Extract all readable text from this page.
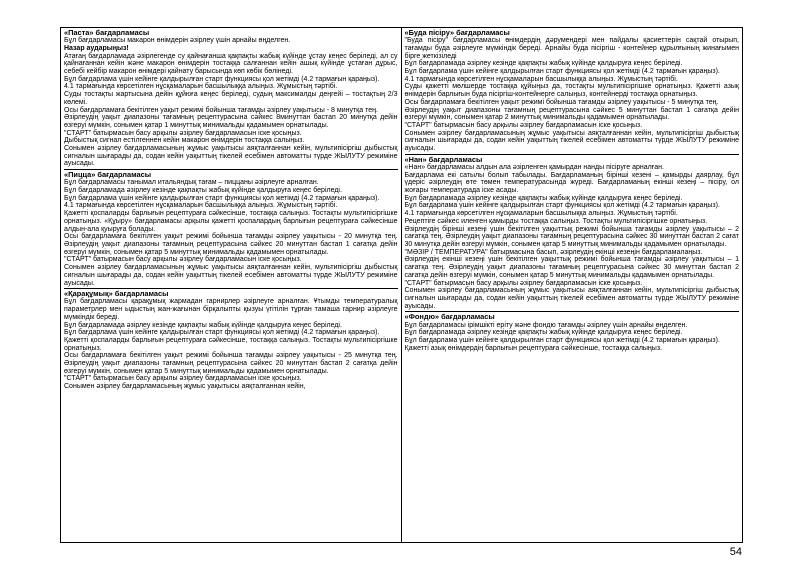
«Паста» бағдарламасы

Бұл бағдарламасы макарон өнімдерін әзірлеу үшін арнайы өңделген.

Назар аударыңыз!

Атағаң бағдарламада әзірлегенде су қайнағанша қақпақты жабық күйінде ұстау кеңес беріледі, ал су қайнағаннан кейін және макарон өнімдерін тостаққа салғаннан кейін ашық күйінде ұстаған дұрыс, себебі кейбір макарон өнімдері қайнату барысында көп көбік бөлінеді.

Бұл бағдарлама үшін кейінге қалдырылған старт функциясы қол жетімді (4.2 тармағын қараңыз).

4.1 тармағында көрсетілген нұсқамаларын басшылыққа алыңыз. Жұмыстың тәртібі.

Суды тостақты жартысына дейін құйюға кеңес беріледі, судың максималды деңгейі – тостақтың 2/3 көлемі.

Осы бағдарламаға бекітілген уақыт режимі бойынша тағамды әзірлеу уақытысы - 8 минутқа тең.

Әзірлеудің уақыт диапазоны тағамның рецептурасына сәйкес 8минуттан бастап 20 минутқа дейін өзгеруі мүмкін, сонымен қатар 1 минуттық минимальды қадамымен орнатылады.

"СТАРТ" батырмасын басу арқылы әзірлеу бағдарламасын іске қосыңыз.

Дыбыстық сигнал естілгеннен кейін макарон өнімдерін тостаққа салыңыз.

Сонымен әзірлеу бағдарламасының жұмыс уақытысы аяқталғаннан кейін, мультипісіргіш дыбыстық сигналын шығарады да, содан кейін уақыттың тікелей есебімен автоматты түрде ЖЫЛУТУ режиміне ауысады.

«Пицца» бағдарламасы

Бұл бағдарламасы танымал итальяндық тағам – пиццаны әзірлеуге арналған.

Бұл бағдарламада әзірлеу кезінде қақпақты жабық күйінде қалдыруға кеңес беріледі.

Бұл бағдарлама үшін кейінге қалдырылған старт функциясы қол жетімді (4.2 тармағын қараңыз).

4.1 тармағында көрсетілген нұсқамаларын басшылыққа алыңыз. Жұмыстың тәртібі.

Қажетті қоспаларды барлығын рецептураға сәйкесінше, тостаққа салыңыз. Тостақты мультипісіргішке орнатыңыз. «Құыру» бағдарламасы арқылы қажетті қоспалардың барлығын рецептураға сәйкесінше алдын-ала қуыруға болады.

Осы бағдарламаға бекітілген уақыт режимі бойынша тағамды әзірлеу уақытысы - 20 минутқа тең. Әзірлеудің уақыт диапазоны тағамның рецептурасына сәйкес 20 минуттан бастап 1 сағатқа дейін өзгеруі мүмкін, сонымен қатар 5 минуттық минимальды қадамымен орнатылады.

"СТАРТ" батырмасын басу арқылы әзірлеу бағдарламасын іске қосыңыз.

Сонымен әзірлеу бағдарламасының жұмыс уақытысы аяқталғаннан кейін, мультипісіргіш дыбыстық сигналын шығарады да, содан кейін уақыттың тікелей есебімен автоматты түрде ЖЫЛУТУ режиміне ауысады.

«Қарақұмық» бағдарламасы

Бұл бағдарламасы қарақұмық жармадан гарнирлер әзірлеуге арналған. Ұтымды температуралық параметрлер мен ыдыстың жан-жағынан бірқалыпты қызуы үгітілін тұрған тамаша гарнир әзірлеуге мүмкіндік береді.

Бұл бағдарламада әзірлеу кезінде қақпақты жабық күйінде қалдыруға кеңес беріледі.

Бұл бағдарлама үшін кейінге қалдырылған старт функциясы қол жетімді (4.2 тармағын қараңыз).

Қажетті қоспаларды барлығын рецептураға сәйкесінше, тостаққа салыңыз. Тостақты мультипісіргішке орнатыңыз.

Осы бағдарламаға бекітілген уақыт режимі бойынша тағамды әзірлеу уақытысы - 25 минутқа тең. Әзірлеудің уақыт диапазоны тағамның рецептурасына сәйкес 20 минуттан бастап 2 сағатқа дейін өзгеруі мүмкін, сонымен қатар 5 минуттық минимальды қадамымен орнатылады.

"СТАРТ" батырмасын басу арқылы әзірлеу бағдарламасын іске қосыңыз.

Сонымен әзірлеу бағдарламасының жұмыс уақытысы аяқталғаннан кейін,

«Буда пісіру» бағдарламасы

"Буда пісіру" бағдарламасы өнімдердің дәрумендері мен пайдалы қасиеттерін сақтай отырып, тағамды буда әзірлеуге мүмкіндік береді. Арнайы буда пісіргіш - контейнер құрылғының жинағымен бірге жеткізіледі

Бұл бағдарламада әзірлеу кезінде қақпақты жабық күйінде қалдыруға кеңес беріледі.

Бұл бағдарлама үшін кейінге қалдырылған старт функциясы қол жетімді (4.2 тармағын қараңыз).

4.1 тармағында көрсетілген нұсқамаларын басшылыққа алыңыз. Жұмыстың тәртібі.

Суды қажетті мөлшерде тостаққа құйыңыз да, тостақты мультипісіргішке орнатыңыз. Қажетті азық өнімдерін барлығын буда пісіргіш-контейнерге салыңыз, контейнерді тостаққа орнатыңыз.

Осы бағдарламаға бекітілген уақыт режимі бойынша тағамды әзірлеу уақытысы - 5 минутқа тең.

Әзірлеудің уақыт диапазоны тағамның рецептурасына сәйкес 5 минуттан бастап 1 сағатқа дейін өзгеруі мүмкін, сонымен қатар 2 минуттық минимальды қадамымен орнатылады.

"СТАРТ" батырмасын басу арқылы әзірлеу бағдарламасын іске қосыңыз.

Сонымен әзірлеу бағдарламасының жұмыс уақытысы аяқталғаннан кейін, мультипісіргіш дыбыстық сигналын шығарады да, содан кейін уақыттың тікелей есебімен автоматты түрде ЖЫЛУТУ режиміне ауысады.

«Нан» бағдарламасы

«Нан» бағдарламасы алдын ала әзірленген қамырдан нанды пісіруге арналған.

Бағдарлама екі сатылы болып табылады. Бағдарламаның бірінші кезені – қамырды даярлау, бұл үдеріс әзірлеудің өте төмен температурасында жүреді. Бағдарламаның екінші кезеңі – пісіру, ол жоғары температурада іске асады.

Бұл бағдарламада әзірлеу кезінде қақпақты жабық күйінде қалдыруға кеңес беріледі.

Бұл бағдарлама үшін кейінге қалдырылған старт функциясы қол жетімді (4.2 тармағын қараңыз).

4.1 тармағында көрсетілген нұсқамаларын басшылыққа алыңыз. Жұмыстың тәртібі.

Рецептіге сәйкес иленген қамырды тостаққа салыңыз. Тостақты мультипісіргішке орнатыңыз.

Әзірлеудің бірінші кезеңі үшін бекітілген уақыттық режимі бойынша тағамды әзірлеу уақытысы – 2 сағатқа тең. Әзірлеудің уақыт диапазоны тағамның рецептурасына сәйкес 30 минуттан бастап 2 сағат 30 минутқа дейін өзгеруі мүмкін, сонымен қатар 5 минуттық минимальды қадамымен орнатылады.

"МӘЗІР / ТЕМПЕРАТУРА" батырмасына басып, әзірлеудің екінші кезеңін бағдарламалаңыз.

Әзірлеудің екінші кезеңі үшін бекітілген уақыттық режимі бойынша тағамды әзірлеу уақытысы – 1 сағатқа тең. Әзірлеудің уақыт диапазоны тағамның рецептурасына сәйкес 30 минуттан бастап 2 сағатқа дейін өзгеруі мүмкін, сонымен қатар 5 минуттық минимальды қадамымен орнатылады.

"СТАРТ" батырмасын басу арқылы әзірлеу бағдарламасын іске қосыңыз.

Сонымен әзірлеу бағдарламасының жұмыс уақытысы аяқталғаннан кейін, мультипісіргіш дыбыстық сигналын шығарады да, содан кейін уақыттың тікелей есебімен автоматты түрде ЖЫЛУТУ режиміне ауысады.

«Фондю» бағдарламасы

Бұл бағдарламасы ірімшікті еріту және фондю тағамды әзірлеу үшін арнайы өңделген.

Бұл бағдарламада әзірлеу кезінде қақпақты жабық күйінде қалдыруға кеңес беріледі.

Бұл бағдарлама үшін кейінге қалдырылған старт функциясы қол жетімді (4.2 тармағын қараңыз).

Қажетті азық өнімдердің барлығын рецептураға сәйкесінше, тостаққа салыңыз.

54
